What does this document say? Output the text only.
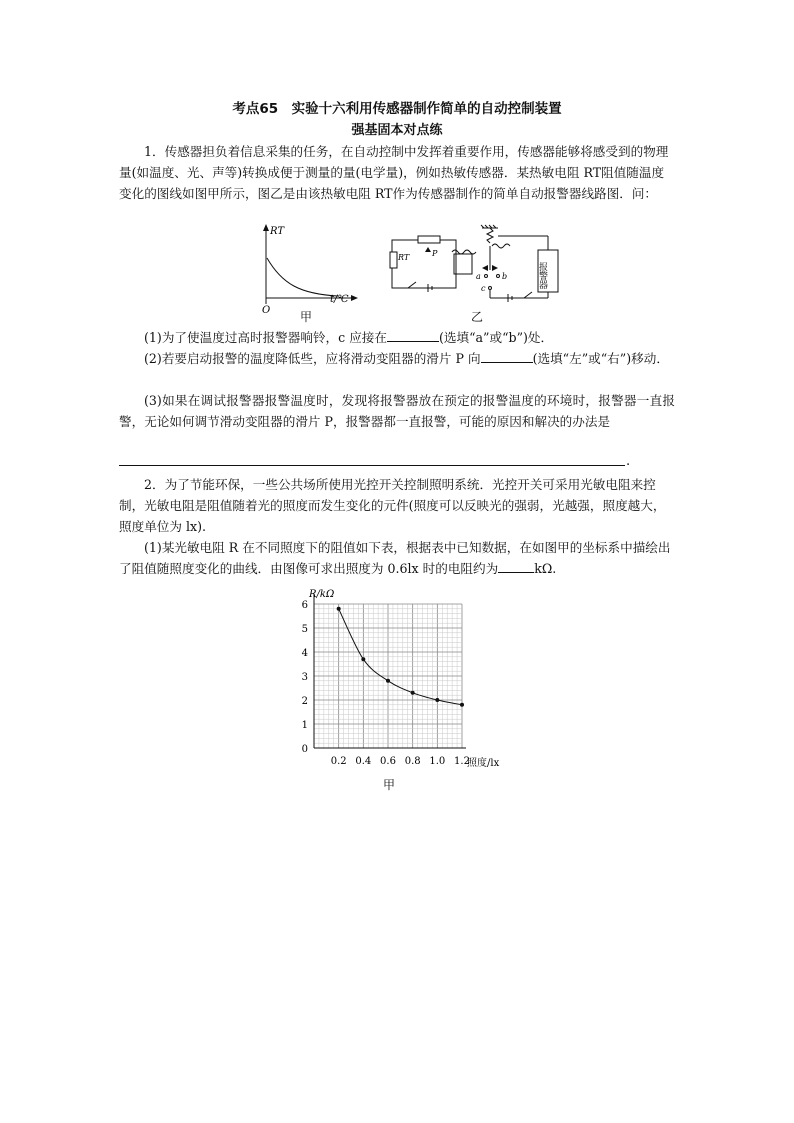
考点65　实验十六利用传感器制作简单的自动控制装置
强基固本对点练
1．传感器担负着信息采集的任务，在自动控制中发挥着重要作用，传感器能够将感受到的物理量(如温度、光、声等)转换成便于测量的量(电学量)，例如热敏传感器．某热敏电阻 RT阻值随温度变化的图线如图甲所示，图乙是由该热敏电阻 RT作为传感器制作的简单自动报警器线路图．问：
RT
t/℃
O 甲
RT	P
a	b
c	报警器
乙
(1)为了使温度过高时报警器响铃，c 应接在	(选填“a”或“b”)处．
(2)若要启动报警的温度降低些，应将滑动变阻器的滑片 P 向	(选填“左”或“右”)移动．
(3)如果在调试报警器报警温度时，发现将报警器放在预定的报警温度的环境时，报警器一直报警，无论如何调节滑动变阻器的滑片 P，报警器都一直报警，可能的原因和解决的办法是
.
2．为了节能环保，一些公共场所使用光控开关控制照明系统．光控开关可采用光敏电阻来控制，光敏电阻是阻值随着光的照度而发生变化的元件(照度可以反映光的强弱，光越强，照度越大，照度单位为 lx).
(1)某光敏电阻 R 在不同照度下的阻值如下表，根据表中已知数据，在如图甲的坐标系中描绘出了阻值随照度变化的曲线．由图像可求出照度为 0.6lx 时的电阻约为	kΩ.
0.2 0.4 0.6 0.8 1.0 1.2
0
1
2
3
4
5
6
R/kΩ
照度/lx
甲
